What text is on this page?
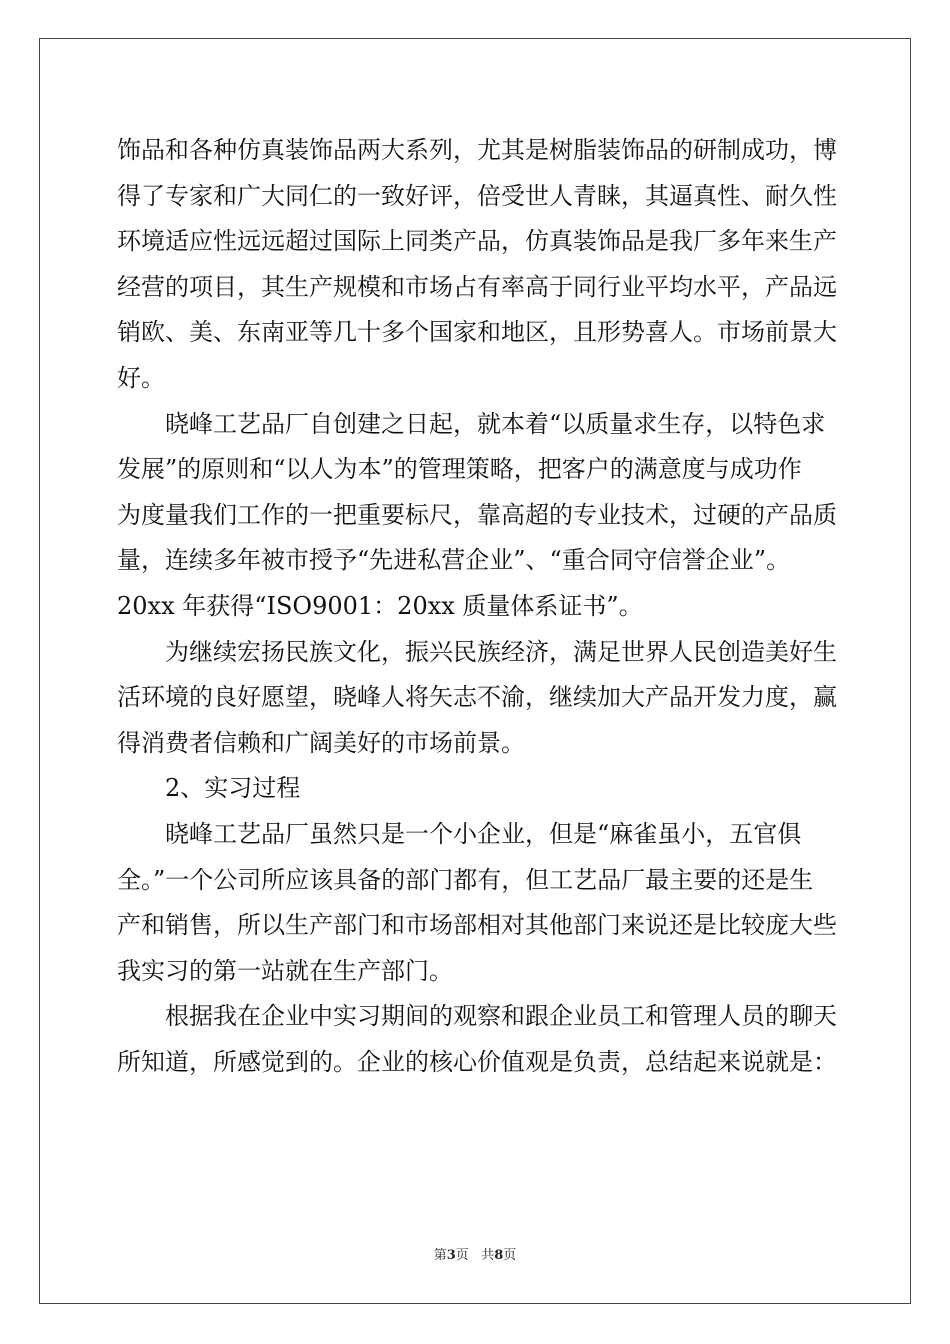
饰品和各种仿真装饰品两大系列，尤其是树脂装饰品的研制成功，博
得了专家和广大同仁的一致好评，倍受世人青睐，其逼真性、耐久性
环境适应性远远超过国际上同类产品，仿真装饰品是我厂多年来生产
经营的项目，其生产规模和市场占有率高于同行业平均水平，产品远
销欧、美、东南亚等几十多个国家和地区，且形势喜人。市场前景大
好。
晓峰工艺品厂自创建之日起，就本着“以质量求生存，以特色求
发展”的原则和“以人为本”的管理策略，把客户的满意度与成功作
为度量我们工作的一把重要标尺，靠高超的专业技术，过硬的产品质
量，连续多年被市授予“先进私营企业”、“重合同守信誉企业”。
20xx 年获得“ISO9001：20xx 质量体系证书”。
为继续宏扬民族文化，振兴民族经济，满足世界人民创造美好生
活环境的良好愿望，晓峰人将矢志不渝，继续加大产品开发力度，赢
得消费者信赖和广阔美好的市场前景。
2、实习过程
晓峰工艺品厂虽然只是一个小企业，但是“麻雀虽小，五官俱
全。”一个公司所应该具备的部门都有，但工艺品厂最主要的还是生
产和销售，所以生产部门和市场部相对其他部门来说还是比较庞大些
我实习的第一站就在生产部门。
根据我在企业中实习期间的观察和跟企业员工和管理人员的聊天
所知道，所感觉到的。企业的核心价值观是负责，总结起来说就是：
第3页 共8页
